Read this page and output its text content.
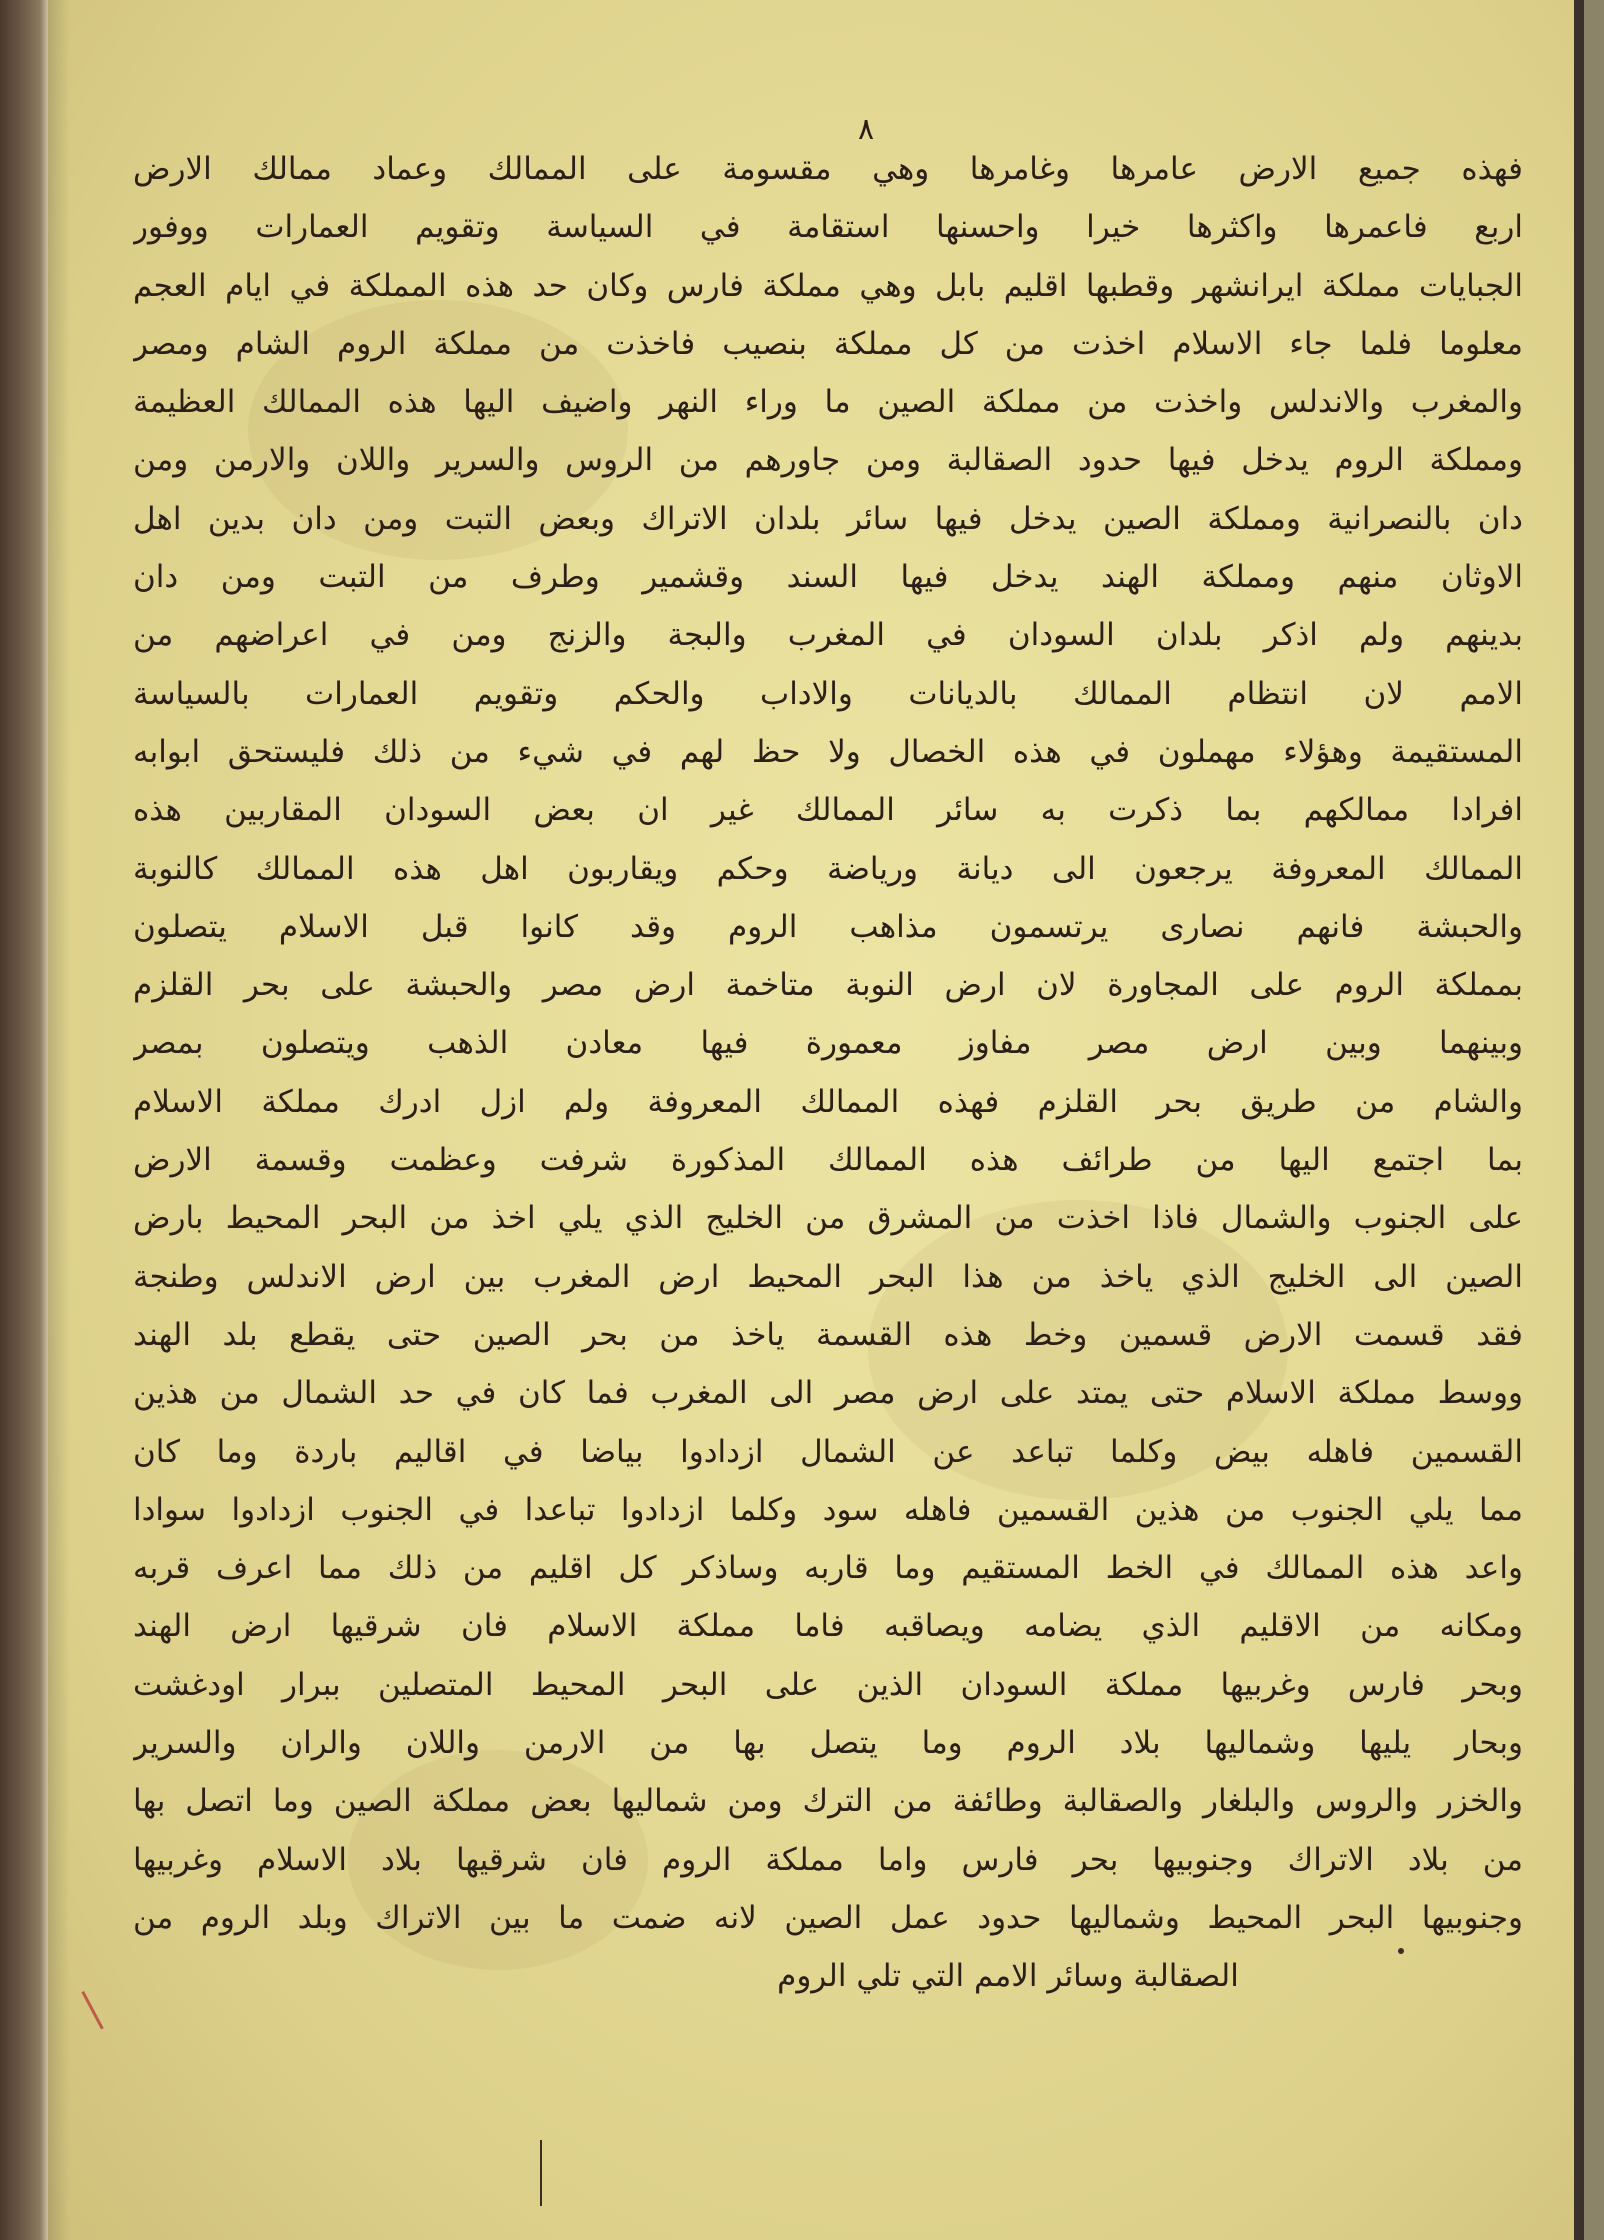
٨
فهذه جميع الارض عامرها وغامرها وهي مقسومة على الممالك وعماد ممالك الارض
اربع فاعمرها واكثرها خيرا واحسنها استقامة في السياسة وتقويم العمارات ووفور
الجبايات مملكة ايرانشهر وقطبها اقليم بابل وهي مملكة فارس وكان حد هذه المملكة في ايام العجم
معلوما فلما جاء الاسلام اخذت من كل مملكة بنصيب فاخذت من مملكة الروم الشام ومصر
والمغرب والاندلس واخذت من مملكة الصين ما وراء النهر واضيف اليها هذه الممالك العظيمة
ومملكة الروم يدخل فيها حدود الصقالبة ومن جاورهم من الروس والسرير واللان والارمن ومن
دان بالنصرانية ومملكة الصين يدخل فيها سائر بلدان الاتراك وبعض التبت ومن دان بدين اهل
الاوثان منهم ومملكة الهند يدخل فيها السند وقشمير وطرف من التبت ومن دان
بدينهم ولم اذكر بلدان السودان في المغرب والبجة والزنج ومن في اعراضهم من
الامم لان انتظام الممالك بالديانات والاداب والحكم وتقويم العمارات بالسياسة
المستقيمة وهؤلاء مهملون في هذه الخصال ولا حظ لهم في شيء من ذلك فليستحق ابوابه
افرادا ممالكهم بما ذكرت به سائر الممالك غير ان بعض السودان المقاربين هذه
الممالك المعروفة يرجعون الى ديانة ورياضة وحكم ويقاربون اهل هذه الممالك كالنوبة
والحبشة فانهم نصارى يرتسمون مذاهب الروم وقد كانوا قبل الاسلام يتصلون
بمملكة الروم على المجاورة لان ارض النوبة متاخمة ارض مصر والحبشة على بحر القلزم
وبينهما وبين ارض مصر مفاوز معمورة فيها معادن الذهب ويتصلون بمصر
والشام من طريق بحر القلزم فهذه الممالك المعروفة ولم ازل ادرك مملكة الاسلام
بما اجتمع اليها من طرائف هذه الممالك المذكورة شرفت وعظمت وقسمة الارض
على الجنوب والشمال فاذا اخذت من المشرق من الخليج الذي يلي اخذ من البحر المحيط بارض
الصين الى الخليج الذي ياخذ من هذا البحر المحيط ارض المغرب بين ارض الاندلس وطنجة
فقد قسمت الارض قسمين وخط هذه القسمة ياخذ من بحر الصين حتى يقطع بلد الهند
ووسط مملكة الاسلام حتى يمتد على ارض مصر الى المغرب فما كان في حد الشمال من هذين
القسمين فاهله بيض وكلما تباعد عن الشمال ازدادوا بياضا في اقاليم باردة وما كان
مما يلي الجنوب من هذين القسمين فاهله سود وكلما ازدادوا تباعدا في الجنوب ازدادوا سوادا
واعد هذه الممالك في الخط المستقيم وما قاربه وساذكر كل اقليم من ذلك مما اعرف قربه
ومكانه من الاقليم الذي يضامه ويصاقبه فاما مملكة الاسلام فان شرقيها ارض الهند
وبحر فارس وغربيها مملكة السودان الذين على البحر المحيط المتصلين ببرار اودغشت
وبحار يليها وشماليها بلاد الروم وما يتصل بها من الارمن واللان والران والسرير
والخزر والروس والبلغار والصقالبة وطائفة من الترك ومن شماليها بعض مملكة الصين وما اتصل بها
من بلاد الاتراك وجنوبيها بحر فارس واما مملكة الروم فان شرقيها بلاد الاسلام وغربيها
وجنوبيها البحر المحيط وشماليها حدود عمل الصين لانه ضمت ما بين الاتراك وبلد الروم من
الصقالبة وسائر الامم التي تلي الروم
